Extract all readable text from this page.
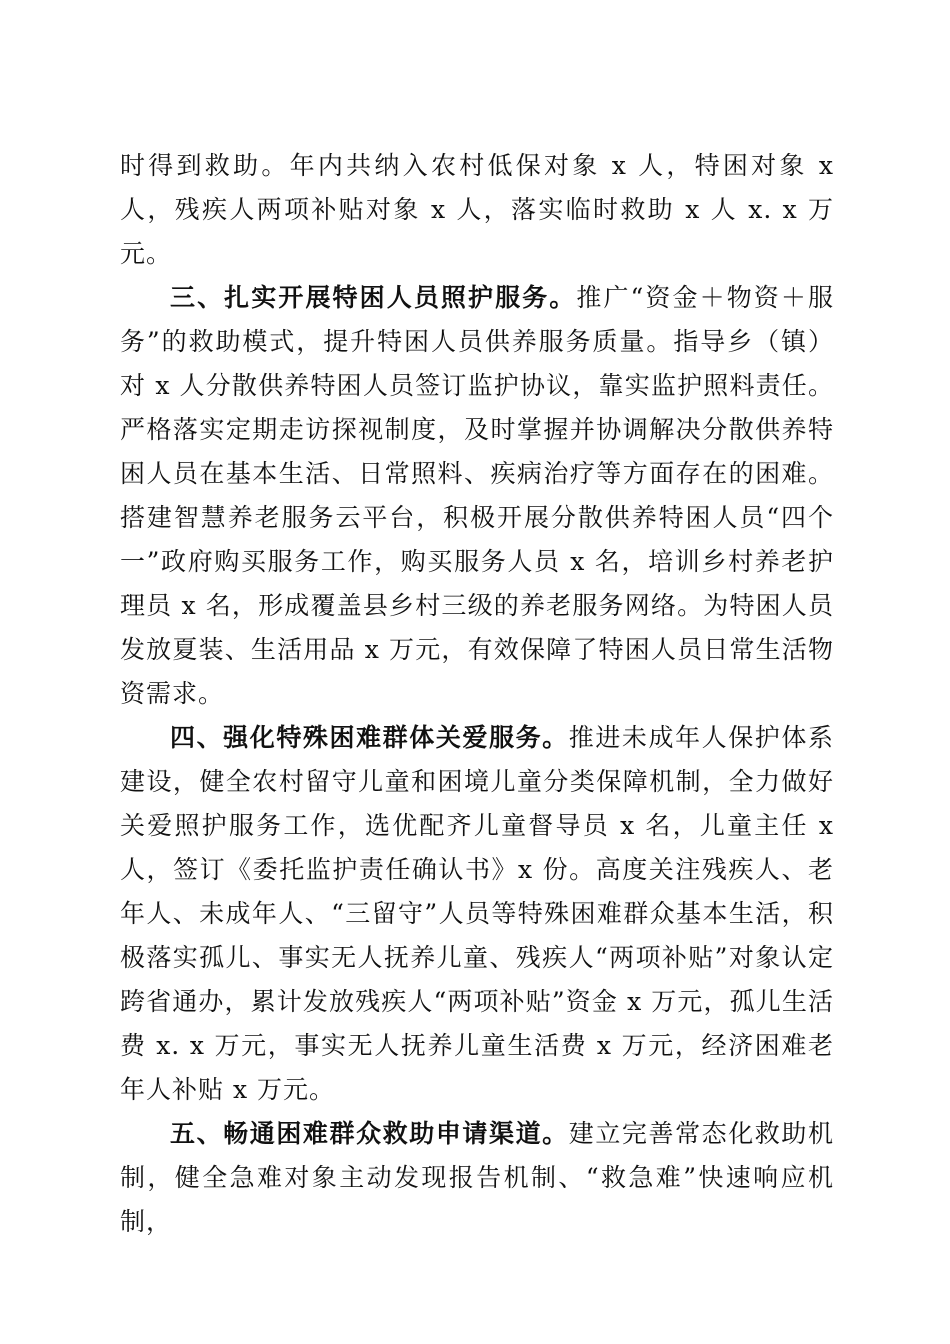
时得到救助。年内共纳入农村低保对象 x 人，特困对象 x 人，残疾人两项补贴对象 x 人，落实临时救助 x 人 x. x 万元。

三、扎实开展特困人员照护服务。推广“资金＋物资＋服务”的救助模式，提升特困人员供养服务质量。指导乡（镇）对 x 人分散供养特困人员签订监护协议，靠实监护照料责任。严格落实定期走访探视制度，及时掌握并协调解决分散供养特困人员在基本生活、日常照料、疾病治疗等方面存在的困难。搭建智慧养老服务云平台，积极开展分散供养特困人员“四个一”政府购买服务工作，购买服务人员 x 名，培训乡村养老护理员 x 名，形成覆盖县乡村三级的养老服务网络。为特困人员发放夏装、生活用品 x 万元，有效保障了特困人员日常生活物资需求。

四、强化特殊困难群体关爱服务。推进未成年人保护体系建设，健全农村留守儿童和困境儿童分类保障机制，全力做好关爱照护服务工作，选优配齐儿童督导员 x 名，儿童主任 x 人，签订《委托监护责任确认书》x 份。高度关注残疾人、老年人、未成年人、“三留守”人员等特殊困难群众基本生活，积极落实孤儿、事实无人抚养儿童、残疾人“两项补贴”对象认定跨省通办，累计发放残疾人“两项补贴”资金 x 万元，孤儿生活费 x. x 万元，事实无人抚养儿童生活费 x 万元，经济困难老年人补贴 x 万元。

五、畅通困难群众救助申请渠道。建立完善常态化救助机制，健全急难对象主动发现报告机制、“救急难”快速响应机制，
